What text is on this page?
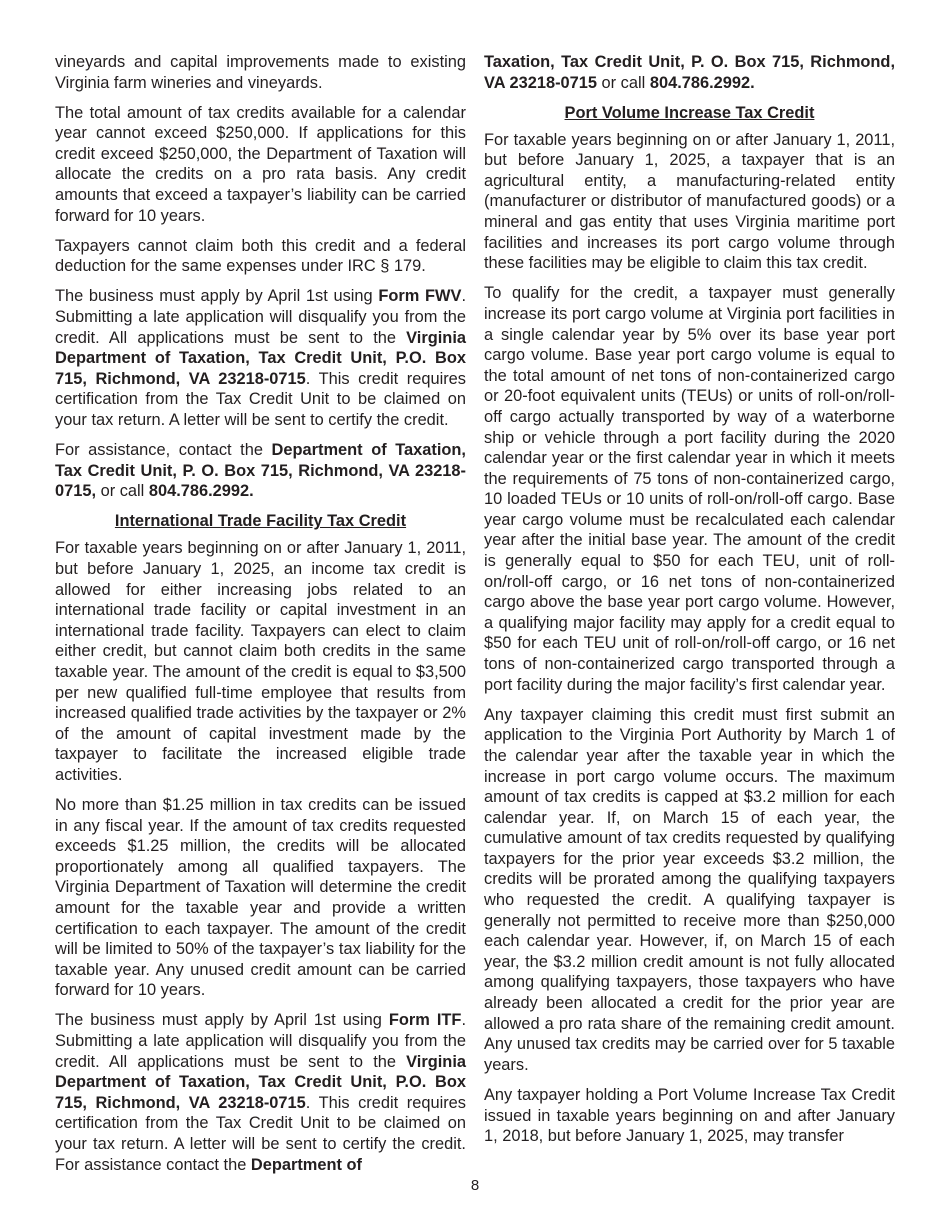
vineyards and capital improvements made to existing Virginia farm wineries and vineyards.

The total amount of tax credits available for a calendar year cannot exceed $250,000. If applications for this credit exceed $250,000, the Department of Taxation will allocate the credits on a pro rata basis. Any credit amounts that exceed a taxpayer’s liability can be carried forward for 10 years.

Taxpayers cannot claim both this credit and a federal deduction for the same expenses under IRC § 179.

The business must apply by April 1st using Form FWV. Submitting a late application will disqualify you from the credit. All applications must be sent to the Virginia Department of Taxation, Tax Credit Unit, P.O. Box 715, Richmond, VA 23218-0715. This credit requires certification from the Tax Credit Unit to be claimed on your tax return. A letter will be sent to certify the credit.

For assistance, contact the Department of Taxation, Tax Credit Unit, P. O. Box 715, Richmond, VA 23218-0715, or call 804.786.2992.

International Trade Facility Tax Credit

For taxable years beginning on or after January 1, 2011, but before January 1, 2025, an income tax credit is allowed for either increasing jobs related to an international trade facility or capital investment in an international trade facility. Taxpayers can elect to claim either credit, but cannot claim both credits in the same taxable year. The amount of the credit is equal to $3,500 per new qualified full-time employee that results from increased qualified trade activities by the taxpayer or 2% of the amount of capital investment made by the taxpayer to facilitate the increased eligible trade activities.

No more than $1.25 million in tax credits can be issued in any fiscal year. If the amount of tax credits requested exceeds $1.25 million, the credits will be allocated proportionately among all qualified taxpayers. The Virginia Department of Taxation will determine the credit amount for the taxable year and provide a written certification to each taxpayer. The amount of the credit will be limited to 50% of the taxpayer’s tax liability for the taxable year. Any unused credit amount can be carried forward for 10 years.

The business must apply by April 1st using Form ITF. Submitting a late application will disqualify you from the credit. All applications must be sent to the Virginia Department of Taxation, Tax Credit Unit, P.O. Box 715, Richmond, VA 23218-0715. This credit requires certification from the Tax Credit Unit to be claimed on your tax return. A letter will be sent to certify the credit. For assistance contact the Department of

Taxation, Tax Credit Unit, P. O. Box 715, Richmond, VA 23218-0715 or call 804.786.2992.

Port Volume Increase Tax Credit

For taxable years beginning on or after January 1, 2011, but before January 1, 2025, a taxpayer that is an agricultural entity, a manufacturing-related entity (manufacturer or distributor of manufactured goods) or a mineral and gas entity that uses Virginia maritime port facilities and increases its port cargo volume through these facilities may be eligible to claim this tax credit.

To qualify for the credit, a taxpayer must generally increase its port cargo volume at Virginia port facilities in a single calendar year by 5% over its base year port cargo volume. Base year port cargo volume is equal to the total amount of net tons of non-containerized cargo or 20-foot equivalent units (TEUs) or units of roll-on/roll-off cargo actually transported by way of a waterborne ship or vehicle through a port facility during the 2020 calendar year or the first calendar year in which it meets the requirements of 75 tons of non-containerized cargo, 10 loaded TEUs or 10 units of roll-on/roll-off cargo. Base year cargo volume must be recalculated each calendar year after the initial base year. The amount of the credit is generally equal to $50 for each TEU, unit of roll-on/roll-off cargo, or 16 net tons of non-containerized cargo above the base year port cargo volume. However, a qualifying major facility may apply for a credit equal to $50 for each TEU unit of roll-on/roll-off cargo, or 16 net tons of non-containerized cargo transported through a port facility during the major facility’s first calendar year.

Any taxpayer claiming this credit must first submit an application to the Virginia Port Authority by March 1 of the calendar year after the taxable year in which the increase in port cargo volume occurs. The maximum amount of tax credits is capped at $3.2 million for each calendar year. If, on March 15 of each year, the cumulative amount of tax credits requested by qualifying taxpayers for the prior year exceeds $3.2 million, the credits will be prorated among the qualifying taxpayers who requested the credit. A qualifying taxpayer is generally not permitted to receive more than $250,000 each calendar year. However, if, on March 15 of each year, the $3.2 million credit amount is not fully allocated among qualifying taxpayers, those taxpayers who have already been allocated a credit for the prior year are allowed a pro rata share of the remaining credit amount. Any unused tax credits may be carried over for 5 taxable years.

Any taxpayer holding a Port Volume Increase Tax Credit issued in taxable years beginning on and after January 1, 2018, but before January 1, 2025, may transfer

8
